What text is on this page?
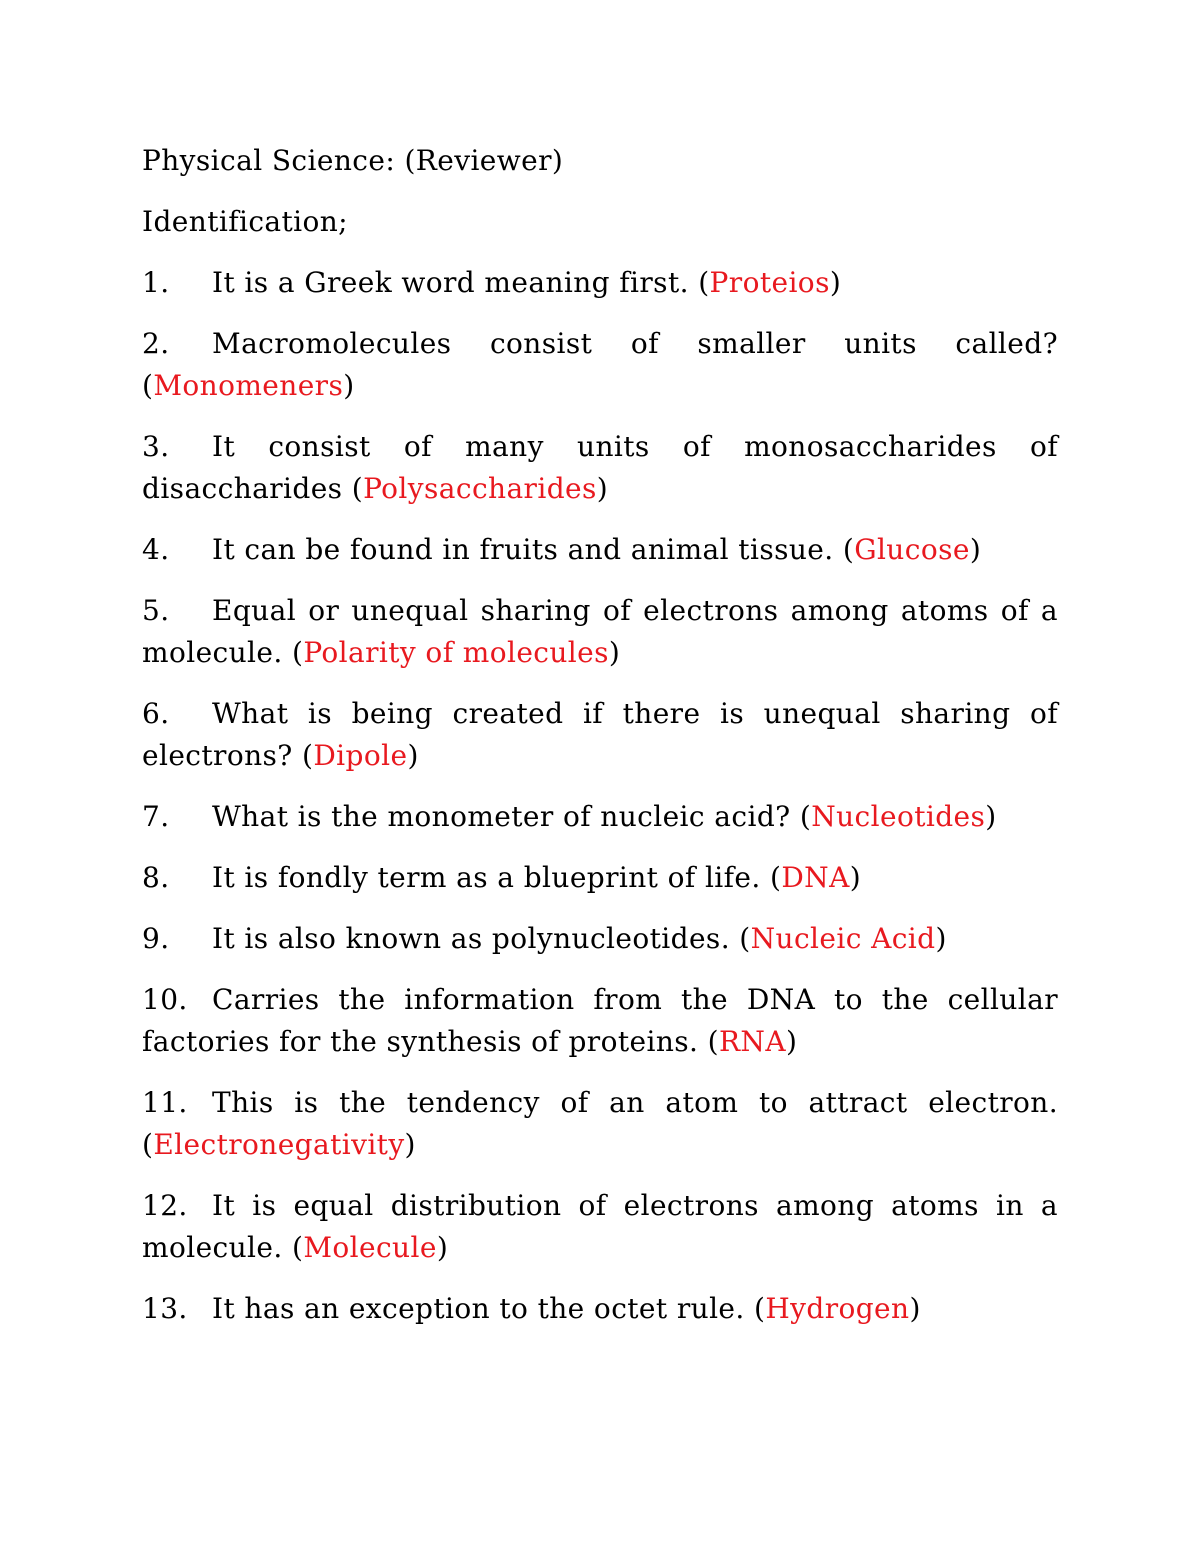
Physical Science: (Reviewer)

Identification;

1. It is a Greek word meaning first. (Proteios)

2. Macromolecules consist of smaller units called? (Monomeners)

3. It consist of many units of monosaccharides of disaccharides (Polysaccharides)

4. It can be found in fruits and animal tissue. (Glucose)

5. Equal or unequal sharing of electrons among atoms of a molecule. (Polarity of molecules)

6. What is being created if there is unequal sharing of electrons? (Dipole)

7. What is the monometer of nucleic acid? (Nucleotides)

8. It is fondly term as a blueprint of life. (DNA)

9. It is also known as polynucleotides. (Nucleic Acid)

10. Carries the information from the DNA to the cellular factories for the synthesis of proteins. (RNA)

11. This is the tendency of an atom to attract electron. (Electronegativity)

12. It is equal distribution of electrons among atoms in a molecule. (Molecule)

13. It has an exception to the octet rule. (Hydrogen)
